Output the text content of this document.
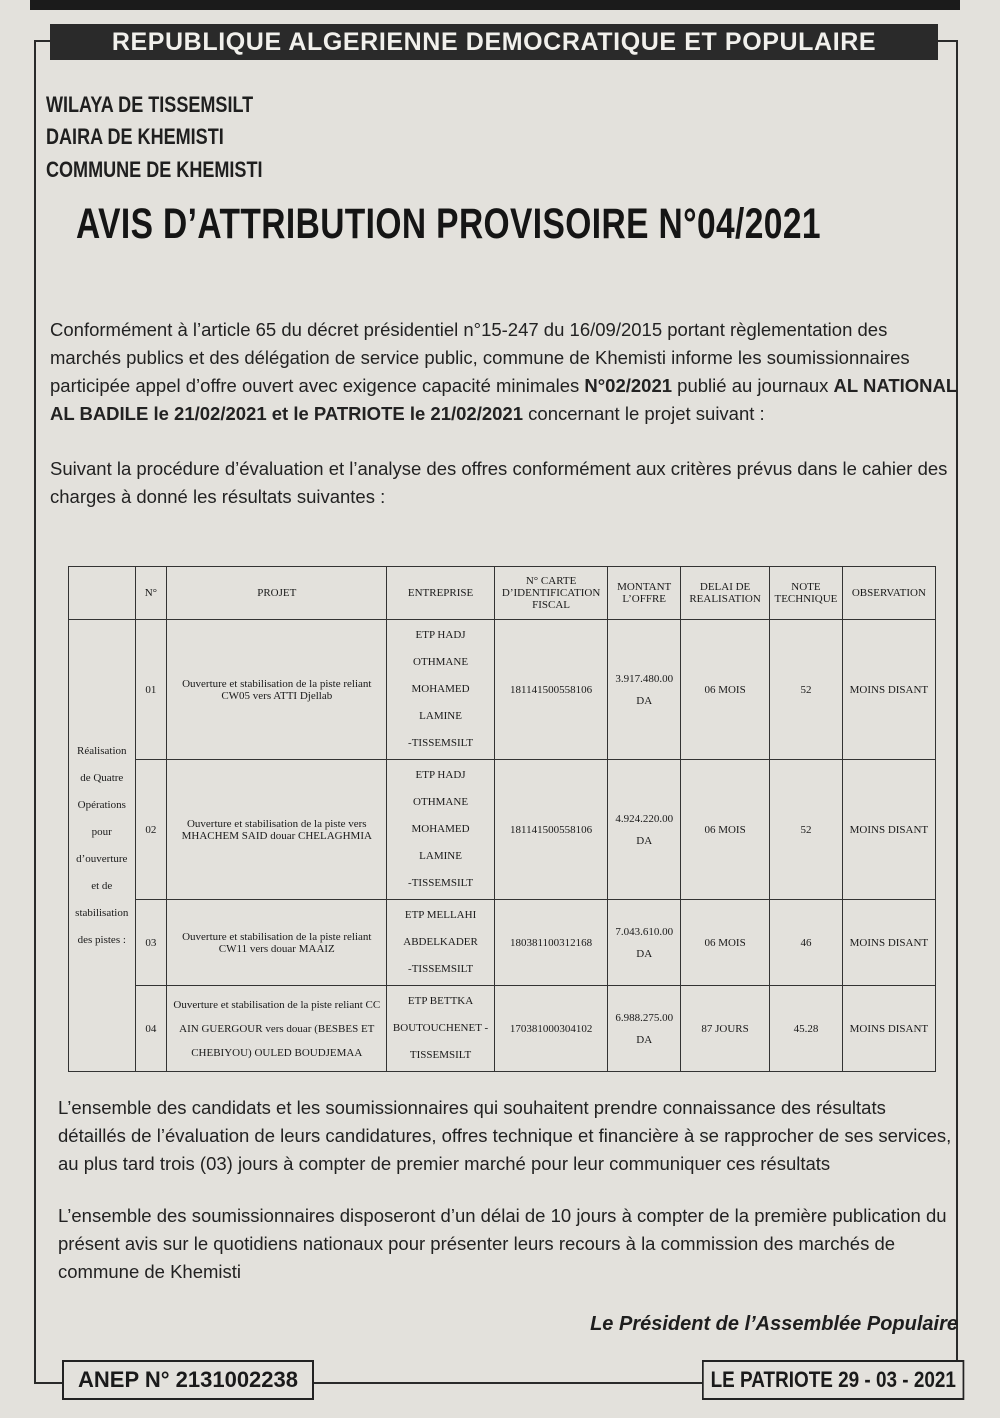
REPUBLIQUE ALGERIENNE DEMOCRATIQUE ET POPULAIRE
WILAYA DE TISSEMSILT
DAIRA DE KHEMISTI
COMMUNE DE KHEMISTI
AVIS D’ATTRIBUTION PROVISOIRE N°04/2021
Conformément à l’article 65 du décret présidentiel n°15-247 du 16/09/2015 portant règlementation des marchés publics et des délégation de service public, commune de Khemisti informe les soumissionnaires participée appel d’offre ouvert avec exigence capacité minimales N°02/2021 publié au journaux AL NATIONAL AL BADILE le 21/02/2021 et le PATRIOTE le 21/02/2021 concernant le projet suivant :
Suivant la procédure d’évaluation et l’analyse des offres conformément aux critères prévus dans le cahier des charges à donné les résultats suivantes :
	N°	PROJET	ENTREPRISE	N° CARTE D’IDENTIFICATION FISCAL	MONTANT L’OFFRE	DELAI DE REALISATION	NOTE TECHNIQUE	OBSERVATION
Réalisation de Quatre Opérations pour d’ouverture et de stabilisation des pistes :	01	Ouverture et stabilisation de la piste reliant CW05 vers ATTI Djellab	ETP HADJ
OTHMANE
MOHAMED
LAMINE
-TISSEMSILT	181141500558106	3.917.480.00 DA	06 MOIS	52	MOINS DISANT
	02	Ouverture et stabilisation de la piste vers MHACHEM SAID douar CHELAGHMIA	ETP HADJ
OTHMANE
MOHAMED
LAMINE
-TISSEMSILT	181141500558106	4.924.220.00 DA	06 MOIS	52	MOINS DISANT
	03	Ouverture et stabilisation de la piste reliant CW11 vers douar MAAIZ	ETP MELLAHI
ABDELKADER
-TISSEMSILT	180381100312168	7.043.610.00 DA	06 MOIS	46	MOINS DISANT
	04	Ouverture et stabilisation de la piste reliant CC AIN GUERGOUR vers douar (BESBES ET CHEBIYOU) OULED BOUDJEMAA	ETP BETTKA
BOUTOUCHENET -
TISSEMSILT	170381000304102	6.988.275.00 DA	87 JOURS	45.28	MOINS DISANT
L’ensemble des candidats et les soumissionnaires qui souhaitent prendre connaissance des résultats détaillés de l’évaluation de leurs candidatures, offres technique et financière à se rapprocher de ses services, au plus tard trois (03) jours à compter de premier marché pour leur communiquer ces résultats
L’ensemble des soumissionnaires disposeront d’un délai de 10 jours à compter de la première publication du présent avis sur le quotidiens nationaux pour présenter leurs recours à la commission des marchés de commune de Khemisti
Le Président de l’Assemblée Populaire
ANEP N° 2131002238	LE PATRIOTE 29 - 03 - 2021
